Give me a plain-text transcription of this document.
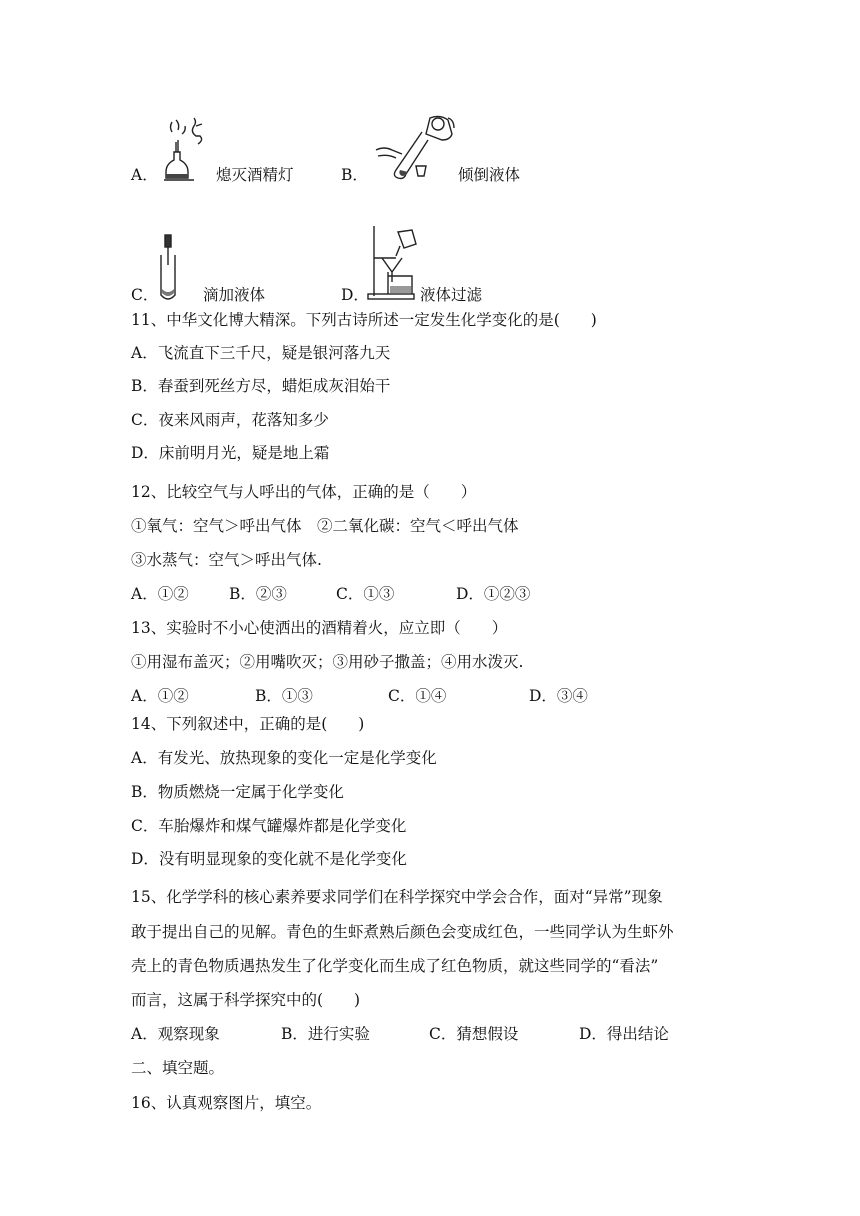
A．	熄灭酒精灯	B．	倾倒液体
C．	滴加液体	D．	液体过滤
11、中华文化博大精深。下列古诗所述一定发生化学变化的是(　　)
A．飞流直下三千尺，疑是银河落九天
B．春蚕到死丝方尽，蜡炬成灰泪始干
C．夜来风雨声，花落知多少
D．床前明月光，疑是地上霜
12、比较空气与人呼出的气体，正确的是（　　）
①氧气：空气＞呼出气体　②二氧化碳：空气＜呼出气体
③水蒸气：空气＞呼出气体.
A．①②	B．②③	C．①③	D．①②③
13、实验时不小心使洒出的酒精着火，应立即（　　）
①用湿布盖灭；②用嘴吹灭；③用砂子撒盖；④用水泼灭.
A．①②	B．①③	C．①④	D．③④
14、下列叙述中，正确的是(　　)
A．有发光、放热现象的变化一定是化学变化
B．物质燃烧一定属于化学变化
C．车胎爆炸和煤气罐爆炸都是化学变化
D．没有明显现象的变化就不是化学变化
15、化学学科的核心素养要求同学们在科学探究中学会合作，面对“异常”现象
敢于提出自己的见解。青色的生虾煮熟后颜色会变成红色，一些同学认为生虾外
壳上的青色物质遇热发生了化学变化而生成了红色物质，就这些同学的“看法”
而言，这属于科学探究中的(　　)
A．观察现象	B．进行实验	C．猜想假设	D．得出结论
二、填空题。
16、认真观察图片，填空。
